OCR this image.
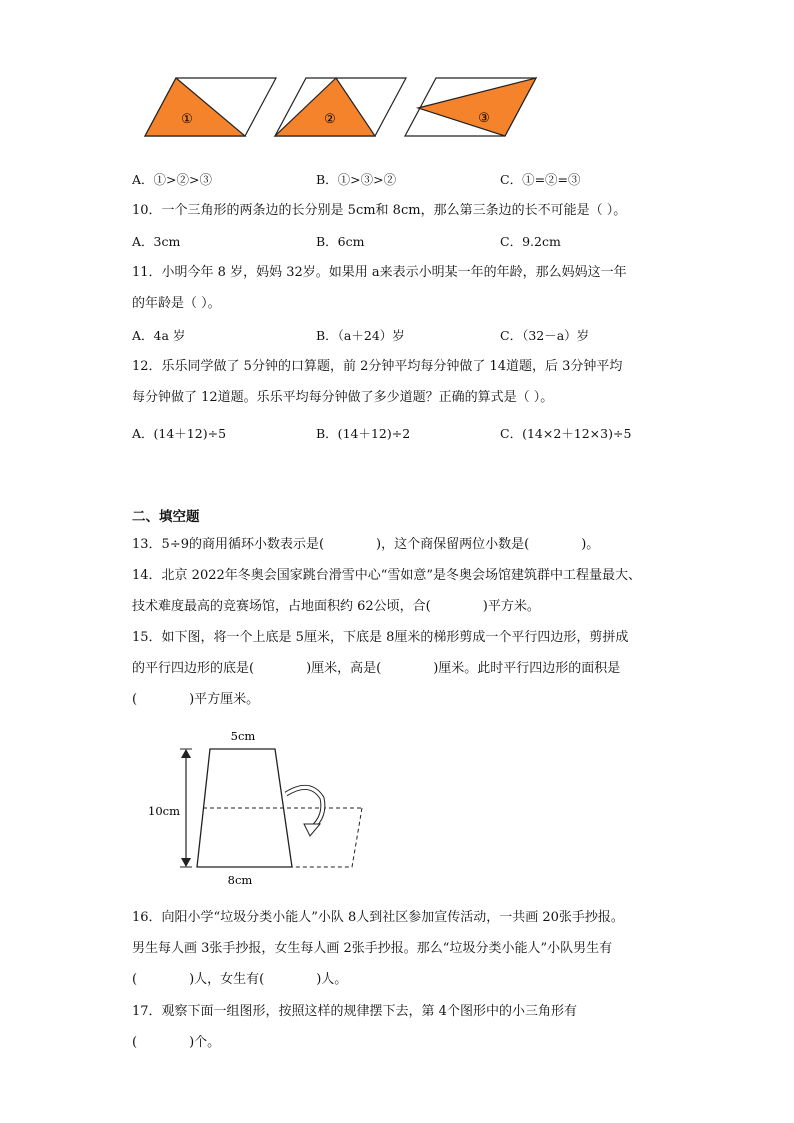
①	②	③
A．①>②>③	B．①>③>②	C．①=②=③
10．一个三角形的两条边的长分别是 5cm和 8cm，那么第三条边的长不可能是（ ）。
A．3cm	B．6cm	C．9.2cm
11．小明今年 8 岁，妈妈 32岁。如果用 a来表示小明某一年的年龄，那么妈妈这一年
的年龄是（ ）。
A．4a 岁	B．（a＋24）岁	C．（32－a）岁
12．乐乐同学做了 5分钟的口算题，前 2分钟平均每分钟做了 14道题，后 3分钟平均
每分钟做了 12道题。乐乐平均每分钟做了多少道题？正确的算式是（ ）。
A．(14＋12)÷5	B．(14＋12)÷2	C．(14×2＋12×3)÷5
二、填空题
13．5÷9的商用循环小数表示是(　　　　)，这个商保留两位小数是(　　　　)。
14．北京 2022年冬奥会国家跳台滑雪中心“雪如意”是冬奥会场馆建筑群中工程量最大、
技术难度最高的竞赛场馆，占地面积约 62公顷，合(　　　　)平方米。
15．如下图，将一个上底是 5厘米，下底是 8厘米的梯形剪成一个平行四边形，剪拼成
的平行四边形的底是(　　　　)厘米，高是(　　　　)厘米。此时平行四边形的面积是
(　　　　)平方厘米。
5cm
10cm
8cm
16．向阳小学“垃圾分类小能人”小队 8人到社区参加宣传活动，一共画 20张手抄报。
男生每人画 3张手抄报，女生每人画 2张手抄报。那么“垃圾分类小能人”小队男生有
(　　　　)人，女生有(　　　　)人。
17．观察下面一组图形，按照这样的规律摆下去，第 4个图形中的小三角形有
(　　　　)个。
